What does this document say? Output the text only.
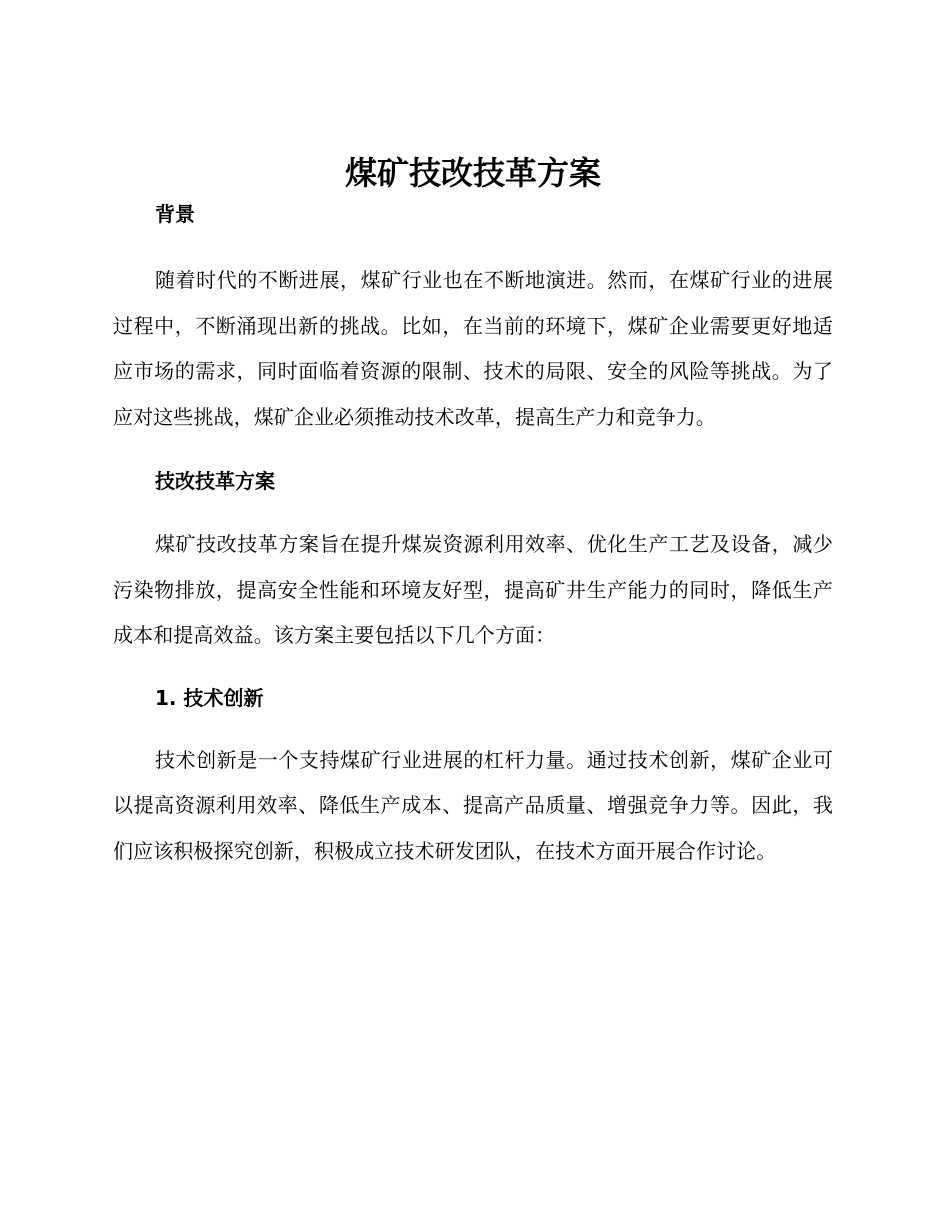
煤矿技改技革方案
背景

随着时代的不断进展，煤矿行业也在不断地演进。然而，在煤矿行业的进展过程中，不断涌现出新的挑战。比如，在当前的环境下，煤矿企业需要更好地适应市场的需求，同时面临着资源的限制、技术的局限、安全的风险等挑战。为了应对这些挑战，煤矿企业必须推动技术改革，提高生产力和竞争力。

技改技革方案

煤矿技改技革方案旨在提升煤炭资源利用效率、优化生产工艺及设备，减少污染物排放，提高安全性能和环境友好型，提高矿井生产能力的同时，降低生产成本和提高效益。该方案主要包括以下几个方面：

1. 技术创新

技术创新是一个支持煤矿行业进展的杠杆力量。通过技术创新，煤矿企业可以提高资源利用效率、降低生产成本、提高产品质量、增强竞争力等。因此，我们应该积极探究创新，积极成立技术研发团队，在技术方面开展合作讨论。
